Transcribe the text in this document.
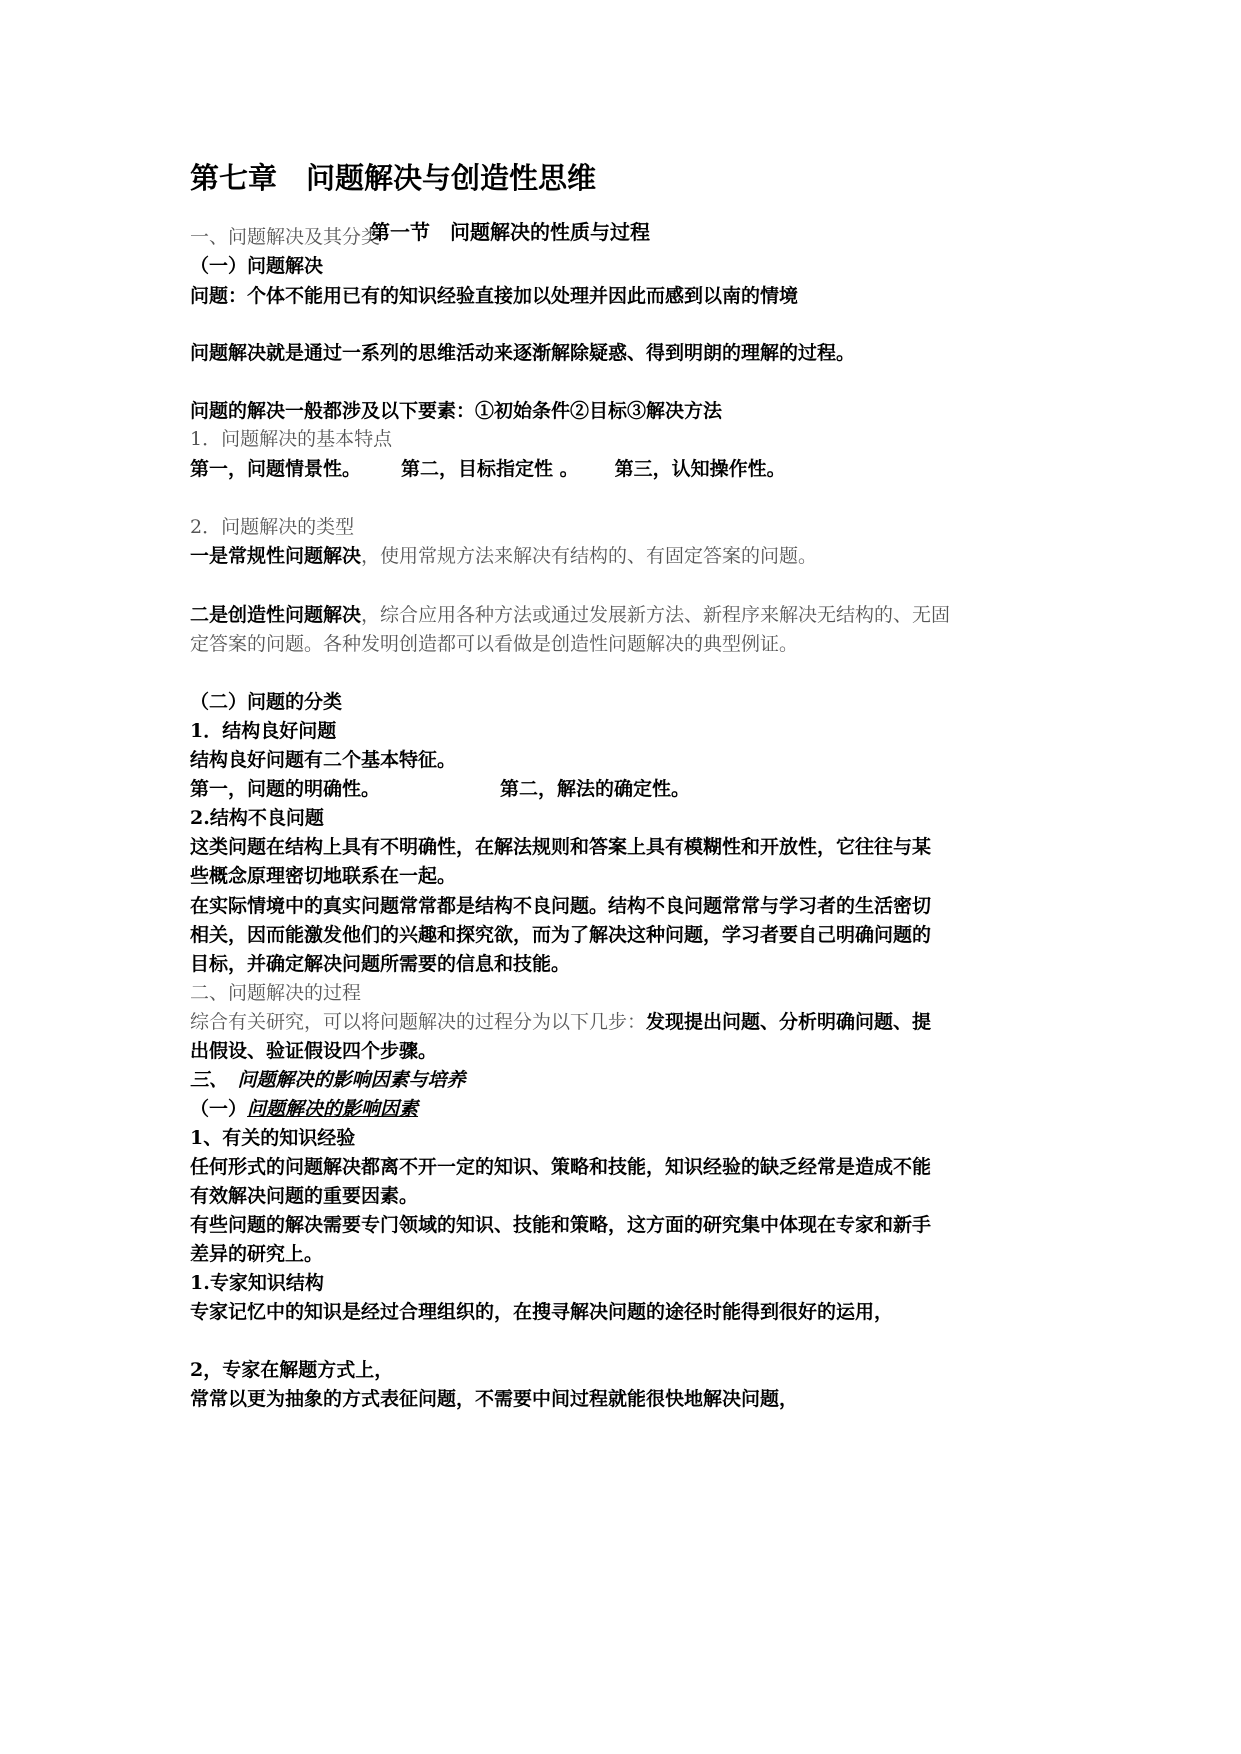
第七章　问题解决与创造性思维
第一节　问题解决的性质与过程
一、问题解决及其分类
（一）问题解决
问题：个体不能用已有的知识经验直接加以处理并因此而感到以南的情境
问题解决就是通过一系列的思维活动来逐渐解除疑惑、得到明朗的理解的过程。
问题的解决一般都涉及以下要素：①初始条件②目标③解决方法
1．问题解决的基本特点
第一，问题情景性。 第二，目标指定性 。 第三，认知操作性。
2．问题解决的类型
一是常规性问题解决，使用常规方法来解决有结构的、有固定答案的问题。
二是创造性问题解决，综合应用各种方法或通过发展新方法、新程序来解决无结构的、无固
定答案的问题。各种发明创造都可以看做是创造性问题解决的典型例证。
（二）问题的分类
1．结构良好问题
结构良好问题有二个基本特征。
第一，问题的明确性。	第二，解法的确定性。
2.结构不良问题
这类问题在结构上具有不明确性，在解法规则和答案上具有模糊性和开放性，它往往与某
些概念原理密切地联系在一起。
在实际情境中的真实问题常常都是结构不良问题。结构不良问题常常与学习者的生活密切
相关，因而能激发他们的兴趣和探究欲，而为了解决这种问题，学习者要自己明确问题的
目标，并确定解决问题所需要的信息和技能。
二、问题解决的过程
综合有关研究，可以将问题解决的过程分为以下几步：发现提出问题、分析明确问题、提
出假设、验证假设四个步骤。
三、　问题解决的影响因素与培养
（一）问题解决的影响因素
1、有关的知识经验
任何形式的问题解决都离不开一定的知识、策略和技能，知识经验的缺乏经常是造成不能
有效解决问题的重要因素。
有些问题的解决需要专门领域的知识、技能和策略，这方面的研究集中体现在专家和新手
差异的研究上。
1.专家知识结构
专家记忆中的知识是经过合理组织的，在搜寻解决问题的途径时能得到很好的运用，
2，专家在解题方式上，
常常以更为抽象的方式表征问题，不需要中间过程就能很快地解决问题，
